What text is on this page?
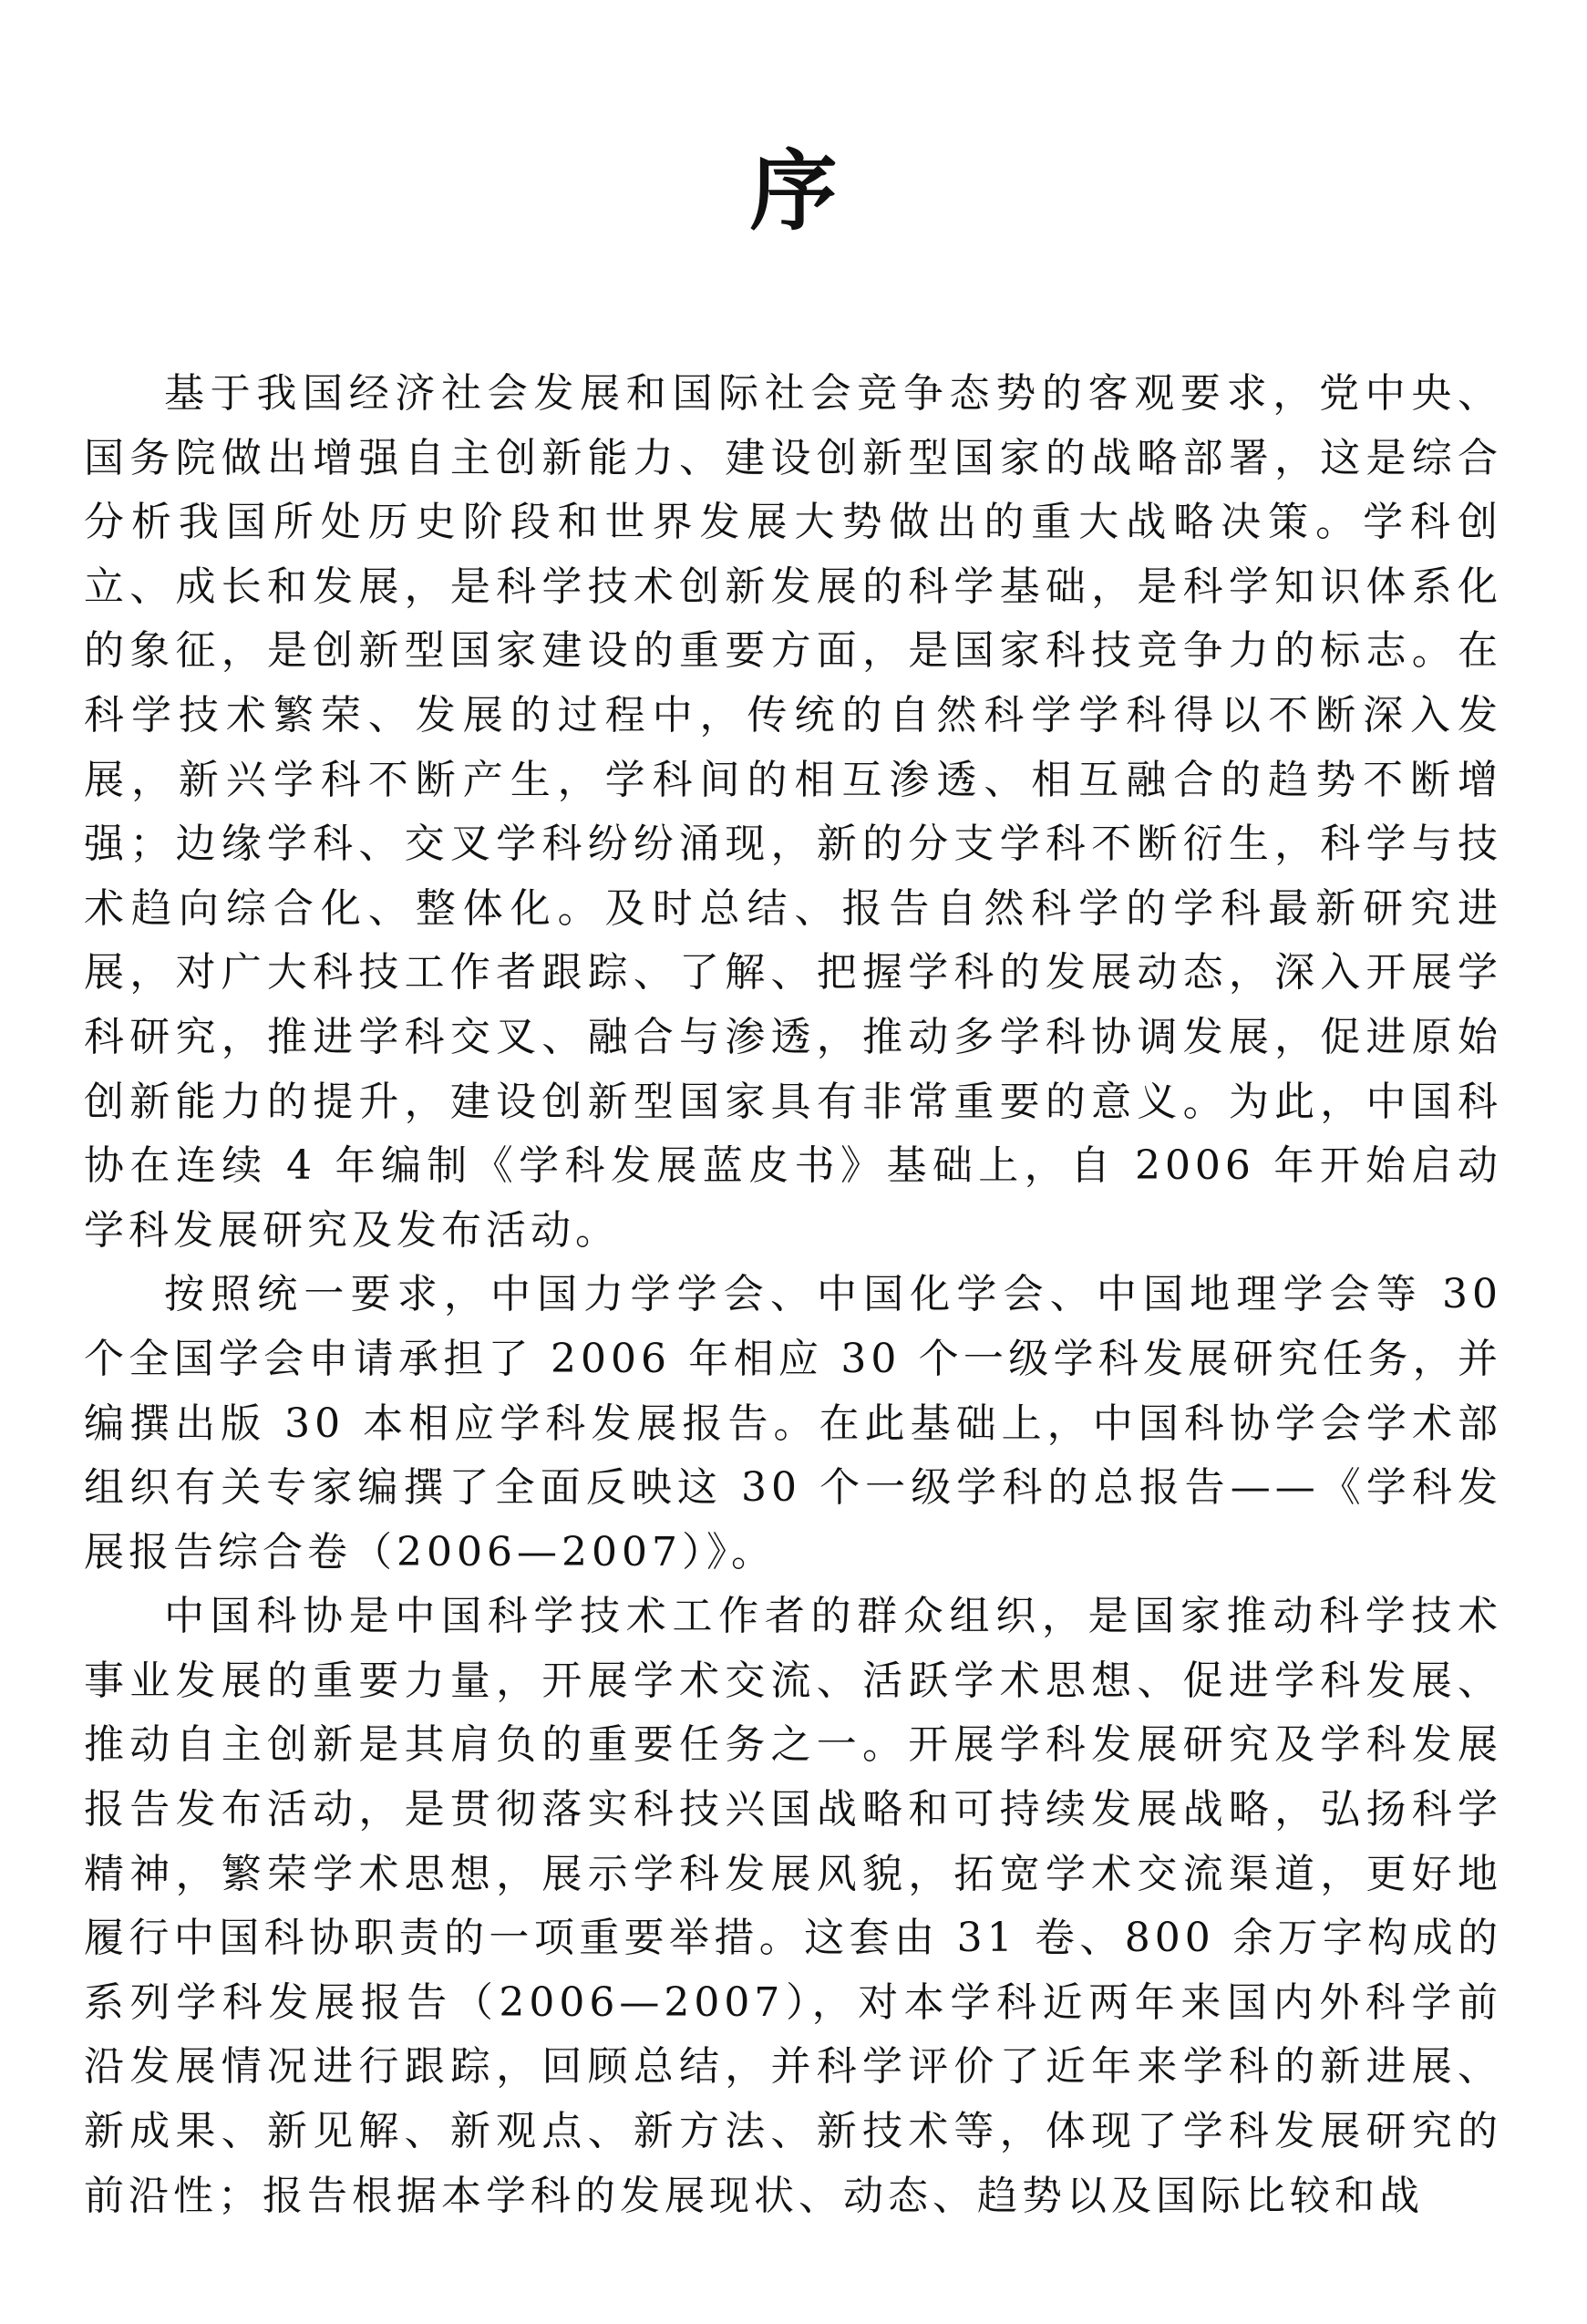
序

基于我国经济社会发展和国际社会竞争态势的客观要求，党中央、国务院做出增强自主创新能力、建设创新型国家的战略部署，这是综合分析我国所处历史阶段和世界发展大势做出的重大战略决策。学科创立、成长和发展，是科学技术创新发展的科学基础，是科学知识体系化的象征，是创新型国家建设的重要方面，是国家科技竞争力的标志。在科学技术繁荣、发展的过程中，传统的自然科学学科得以不断深入发展，新兴学科不断产生，学科间的相互渗透、相互融合的趋势不断增强；边缘学科、交叉学科纷纷涌现，新的分支学科不断衍生，科学与技术趋向综合化、整体化。及时总结、报告自然科学的学科最新研究进展，对广大科技工作者跟踪、了解、把握学科的发展动态，深入开展学科研究，推进学科交叉、融合与渗透，推动多学科协调发展，促进原始创新能力的提升，建设创新型国家具有非常重要的意义。为此，中国科协在连续 4 年编制《学科发展蓝皮书》基础上，自 2006 年开始启动学科发展研究及发布活动。

按照统一要求，中国力学学会、中国化学会、中国地理学会等 30 个全国学会申请承担了 2006 年相应 30 个一级学科发展研究任务，并编撰出版 30 本相应学科发展报告。在此基础上，中国科协学会学术部组织有关专家编撰了全面反映这 30 个一级学科的总报告——《学科发展报告综合卷（2006—2007）》。

中国科协是中国科学技术工作者的群众组织，是国家推动科学技术事业发展的重要力量，开展学术交流、活跃学术思想、促进学科发展、推动自主创新是其肩负的重要任务之一。开展学科发展研究及学科发展报告发布活动，是贯彻落实科技兴国战略和可持续发展战略，弘扬科学精神，繁荣学术思想，展示学科发展风貌，拓宽学术交流渠道，更好地履行中国科协职责的一项重要举措。这套由 31 卷、800 余万字构成的系列学科发展报告（2006—2007），对本学科近两年来国内外科学前沿发展情况进行跟踪，回顾总结，并科学评价了近年来学科的新进展、新成果、新见解、新观点、新方法、新技术等，体现了学科发展研究的前沿性；报告根据本学科的发展现状、动态、趋势以及国际比较和战
